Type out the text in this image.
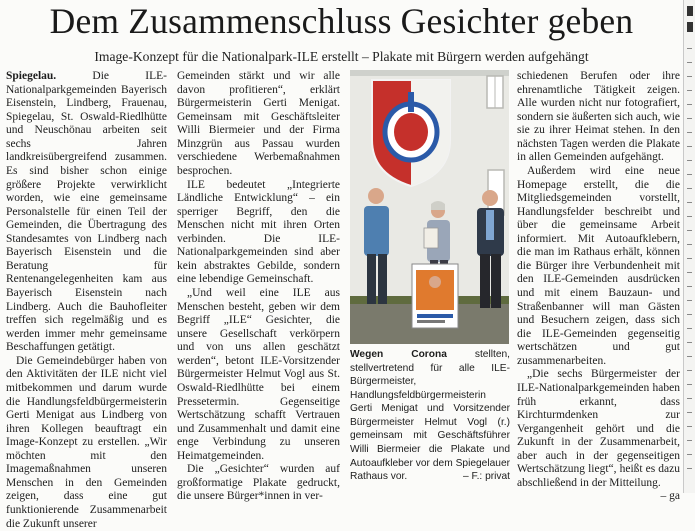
Dem Zusammenschluss Gesichter geben
Image-Konzept für die Nationalpark-ILE erstellt – Plakate mit Bürgern werden aufgehängt

Spiegelau. Die ILE-Nationalparkgemeinden Bayerisch Eisenstein, Lindberg, Frauenau, Spiegelau, St. Oswald-Riedlhütte und Neuschönau arbeiten seit sechs Jahren landkreisübergreifend zusammen. Es sind bisher schon einige größere Projekte verwirklicht worden, wie eine gemeinsame Personalstelle für einen Teil der Gemeinden, die Übertragung des Standesamtes von Lindberg nach Bayerisch Eisenstein und die Beratung für Rentenangelegenheiten kam aus Bayerisch Eisenstein nach Lindberg. Auch die Bauhofleiter treffen sich regelmäßig und es werden immer mehr gemeinsame Beschaffungen getätigt.

Die Gemeindebürger haben von den Aktivitäten der ILE nicht viel mitbekommen und darum wurde die Handlungsfeldbürgermeisterin Gerti Menigat aus Lindberg von ihren Kollegen beauftragt ein Image-Konzept zu erstellen. „Wir möchten mit den Imagemaßnahmen unseren Menschen in den Gemeinden zeigen, dass eine gut funktionierende Zusammenarbeit die Zukunft unserer

Gemeinden stärkt und wir alle davon profitieren“, erklärt Bürgermeisterin Gerti Menigat. Gemeinsam mit Geschäftsleiter Willi Biermeier und der Firma Minzgrün aus Passau wurden verschiedene Werbemaßnahmen besprochen.

ILE bedeutet „Integrierte Ländliche Entwicklung“ – ein sperriger Begriff, den die Menschen nicht mit ihren Orten verbinden. Die ILE-Nationalparkgemeinden sind aber kein abstraktes Gebilde, sondern eine lebendige Gemeinschaft.

„Und weil eine ILE aus Menschen besteht, geben wir dem Begriff „ILE“ Gesichter, die unsere Gesellschaft verkörpern und von uns allen geschätzt werden“, betont ILE-Vorsitzender Bürgermeister Helmut Vogl aus St. Oswald-Riedlhütte bei einem Pressetermin. Gegenseitige Wertschätzung schafft Vertrauen und Zusammenhalt und damit eine enge Verbindung zu unseren Heimatgemeinden.

Die „Gesichter“ wurden auf großformatige Plakate gedruckt, die unsere Bürger*innen in ver-

Wegen Corona stellten, stellvertretend für alle ILE-Bürgermeister, Handlungsfeldbürgermeisterin Gerti Menigat und Vorsitzender Bürgermeister Helmut Vogl (r.) gemeinsam mit Geschäftsführer Willi Biermeier die Plakate und Autoaufkleber vor dem Spiegelauer Rathaus vor.	– F.: privat

schiedenen Berufen oder ihre ehrenamtliche Tätigkeit zeigen. Alle wurden nicht nur fotografiert, sondern sie äußerten sich auch, wie sie zu ihrer Heimat stehen. In den nächsten Tagen werden die Plakate in allen Gemeinden aufgehängt.

Außerdem wird eine neue Homepage erstellt, die die Mitgliedsgemeinden vorstellt, Handlungsfelder beschreibt und über die gemeinsame Arbeit informiert. Mit Autoaufklebern, die man im Rathaus erhält, können die Bürger ihre Verbundenheit mit den ILE-Gemeinden ausdrücken und mit einem Bauzaun- und Straßenbanner will man Gästen und Besuchern zeigen, dass sich die ILE-Gemeinden gegenseitig wertschätzen und gut zusammenarbeiten.

„Die sechs Bürgermeister der ILE-Nationalparkgemeinden haben früh erkannt, dass Kirchturmdenken zur Vergangenheit gehört und die Zukunft in der Zusammenarbeit, aber auch in der gegenseitigen Wertschätzung liegt“, heißt es dazu abschließend in der Mitteilung.
– ga
